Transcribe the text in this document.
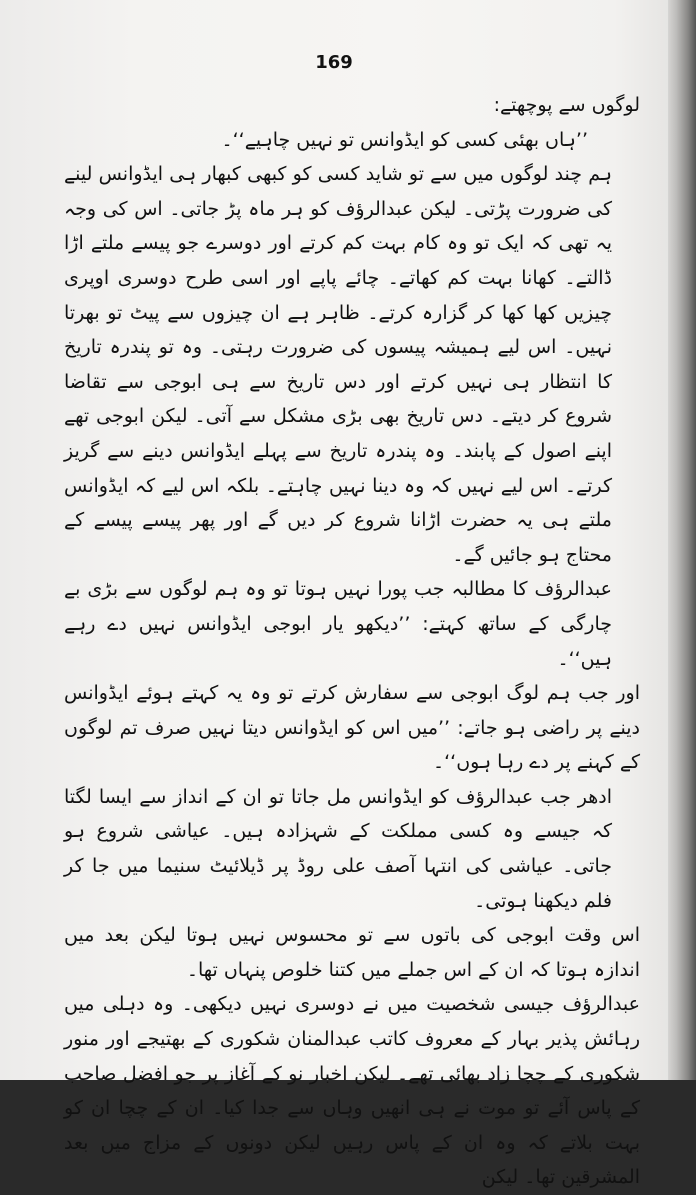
169

لوگوں سے پوچھتے:

’’ہاں بھئی کسی کو ایڈوانس تو نہیں چاہیے‘‘۔

ہم چند لوگوں میں سے تو شاید کسی کو کبھی کبھار ہی ایڈوانس لینے کی ضرورت پڑتی۔ لیکن عبدالرؤف کو ہر ماہ پڑ جاتی۔ اس کی وجہ یہ تھی کہ ایک تو وہ کام بہت کم کرتے اور دوسرے جو پیسے ملتے اڑا ڈالتے۔ کھانا بہت کم کھاتے۔ چائے پاپے اور اسی طرح دوسری اوپری چیزیں کھا کھا کر گزارہ کرتے۔ ظاہر ہے ان چیزوں سے پیٹ تو بھرتا نہیں۔ اس لیے ہمیشہ پیسوں کی ضرورت رہتی۔ وہ تو پندرہ تاریخ کا انتظار ہی نہیں کرتے اور دس تاریخ سے ہی ابوجی سے تقاضا شروع کر دیتے۔ دس تاریخ بھی بڑی مشکل سے آتی۔ لیکن ابوجی تھے اپنے اصول کے پابند۔ وہ پندرہ تاریخ سے پہلے ایڈوانس دینے سے گریز کرتے۔ اس لیے نہیں کہ وہ دینا نہیں چاہتے۔ بلکہ اس لیے کہ ایڈوانس ملتے ہی یہ حضرت اڑانا شروع کر دیں گے اور پھر پیسے پیسے کے محتاج ہو جائیں گے۔

عبدالرؤف کا مطالبہ جب پورا نہیں ہوتا تو وہ ہم لوگوں سے بڑی بے چارگی کے ساتھ کہتے: ’’دیکھو یار ابوجی ایڈوانس نہیں دے رہے ہیں‘‘۔

اور جب ہم لوگ ابوجی سے سفارش کرتے تو وہ یہ کہتے ہوئے ایڈوانس دینے پر راضی ہو جاتے: ’’میں اس کو ایڈوانس دیتا نہیں صرف تم لوگوں کے کہنے پر دے رہا ہوں‘‘۔

ادھر جب عبدالرؤف کو ایڈوانس مل جاتا تو ان کے انداز سے ایسا لگتا کہ جیسے وہ کسی مملکت کے شہزادہ ہیں۔ عیاشی شروع ہو جاتی۔ عیاشی کی انتہا آصف علی روڈ پر ڈیلائیٹ سنیما میں جا کر فلم دیکھنا ہوتی۔

اس وقت ابوجی کی باتوں سے تو محسوس نہیں ہوتا لیکن بعد میں اندازہ ہوتا کہ ان کے اس جملے میں کتنا خلوص پنہاں تھا۔

عبدالرؤف جیسی شخصیت میں نے دوسری نہیں دیکھی۔ وہ دہلی میں رہائش پذیر بہار کے معروف کاتب عبدالمنان شکوری کے بھتیجے اور منور شکوری کے چچا زاد بھائی تھے۔ لیکن اخبار نو کے آغاز پر جو افضل صاحب کے پاس آئے تو موت نے ہی انھیں وہاں سے جدا کیا۔ ان کے چچا ان کو بہت بلاتے کہ وہ ان کے پاس رہیں لیکن دونوں کے مزاج میں بعد المشرقین تھا۔ لیکن
